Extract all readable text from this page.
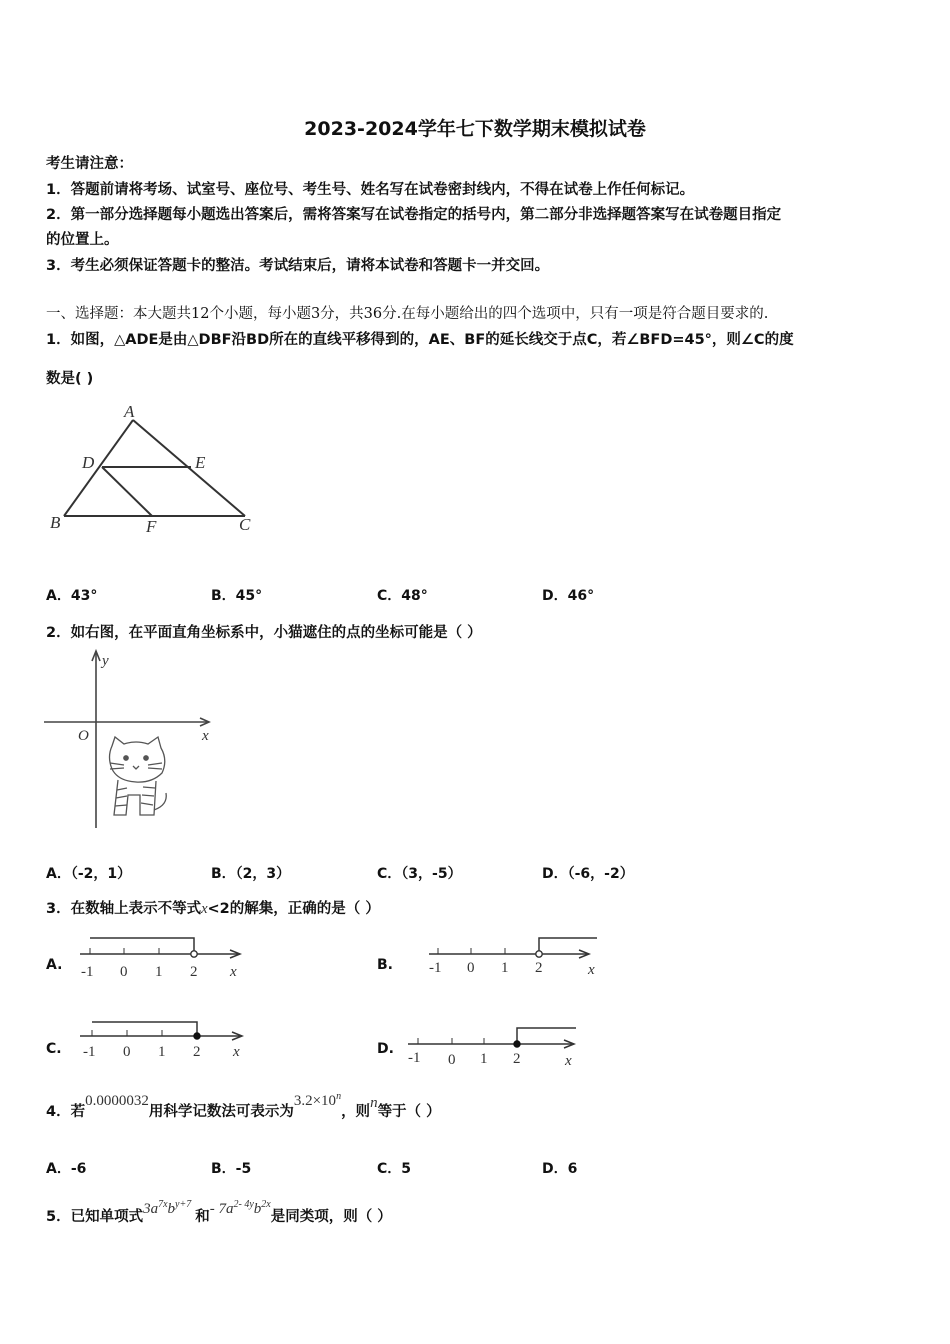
2023-2024学年七下数学期末模拟试卷
考生请注意：
1．答题前请将考场、试室号、座位号、考生号、姓名写在试卷密封线内，不得在试卷上作任何标记。
2．第一部分选择题每小题选出答案后，需将答案写在试卷指定的括号内，第二部分非选择题答案写在试卷题目指定
的位置上。
3．考生必须保证答题卡的整洁。考试结束后，请将本试卷和答题卡一并交回。
一、选择题：本大题共12个小题，每小题3分，共36分.在每小题给出的四个选项中，只有一项是符合题目要求的.
1．如图，△ADE是由△DBF沿BD所在的直线平移得到的，AE、BF的延长线交于点C，若∠BFD=45°，则∠C的度
数是( )
A
D	E
B	F	C
A．43°	B．45°	C．48°	D．46°
2．如右图，在平面直角坐标系中，小猫遮住的点的坐标可能是（ ）
y
x
O
A．（-2，1）	B．（2，3）	C．（3，-5）	D．（-6，-2）
3．在数轴上表示不等式x<2的解集，正确的是（ ）
A. -1 0 1 2 x	B. -1 0 1 2	x
C. -1 0 1 2 x	D.
-1 0 1 2	x
4．若0.0000032用科学记数法可表示为$3.2\times 10^n$，则n等于（ ）
A．-6	B．-5	C．5	D．6
5．已知单项式$3a^{7x}b^{y+7}$和- $7a^{2- 4y}b^{2x}$是同类项，则（ ）
